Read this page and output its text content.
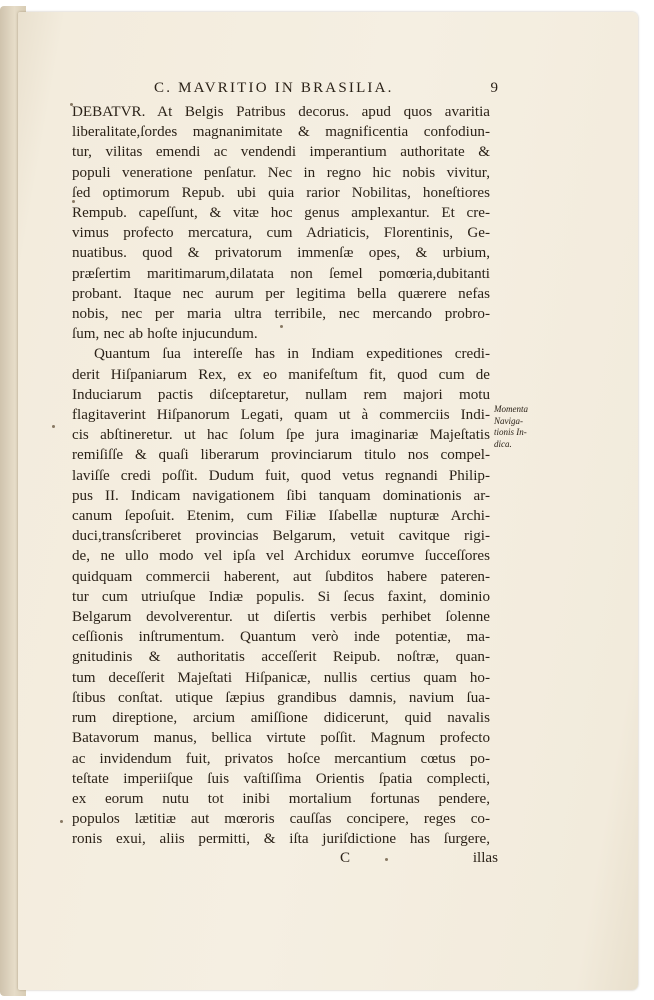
C. MAVRITIO IN BRASILIA.	9

DEBATVR. At Belgis Patribus decorus. apud quos avaritia
liberalitate,ſordes magnanimitate & magnificentia confodiun-
tur, vilitas emendi ac vendendi imperantium authoritate &
populi veneratione penſatur. Nec in regno hic nobis vivitur,
ſed optimorum Repub. ubi quia rarior Nobilitas, honeſtiores
Rempub. capeſſunt, & vitæ hoc genus amplexantur. Et cre-
vimus profecto mercatura, cum Adriaticis, Florentinis, Ge-
nuatibus. quod & privatorum immenſæ opes, & urbium,
præſertim maritimarum,dilatata non ſemel pomœria,dubitanti
probant. Itaque nec aurum per legitima bella quærere nefas
nobis, nec per maria ultra terribile, nec mercando probro-
ſum, nec ab hoſte injucundum.

Quantum ſua intereſſe has in Indiam expeditiones credi-
derit Hiſpaniarum Rex, ex eo manifeſtum fit, quod cum de
Induciarum pactis diſceptaretur, nullam rem majori motu
flagitaverint Hiſpanorum Legati, quam ut à commerciis Indi-
cis abſtineretur. ut hac ſolum ſpe jura imaginariæ Majeſtatis
remiſiſſe & quaſi liberarum provinciarum titulo nos compel-
laviſſe credi poſſit. Dudum fuit, quod vetus regnandi Philip-
pus II. Indicam navigationem ſibi tanquam dominationis ar-
canum ſepoſuit. Etenim, cum Filiæ Iſabellæ nupturæ Archi-
duci,transſcriberet provincias Belgarum, vetuit cavitque rigi-
de, ne ullo modo vel ipſa vel Archidux eorumve ſucceſſores
quidquam commercii haberent, aut ſubditos habere pateren-
tur cum utriuſque Indiæ populis. Si ſecus faxint, dominio
Belgarum devolverentur. ut diſertis verbis perhibet ſolenne
ceſſionis inſtrumentum. Quantum verò inde potentiæ, ma-
gnitudinis & authoritatis acceſſerit Reipub. noſtræ, quan-
tum deceſſerit Majeſtati Hiſpanicæ, nullis certius quam ho-
ſtibus conſtat. utique ſæpius grandibus damnis, navium ſua-
rum direptione, arcium amiſſione didicerunt, quid navalis
Batavorum manus, bellica virtute poſſit. Magnum profecto
ac invidendum fuit, privatos hoſce mercantium cœtus po-
teſtate imperiiſque ſuis vaſtiſſima Orientis ſpatia complecti,
ex eorum nutu tot inibi mortalium fortunas pendere,
populos lætitiæ aut mœroris cauſſas concipere, reges co-
ronis exui, aliis permitti, & iſta juriſdictione has ſurgere,

C	illas
Momenta
Naviga-
tionis In-
dica.
